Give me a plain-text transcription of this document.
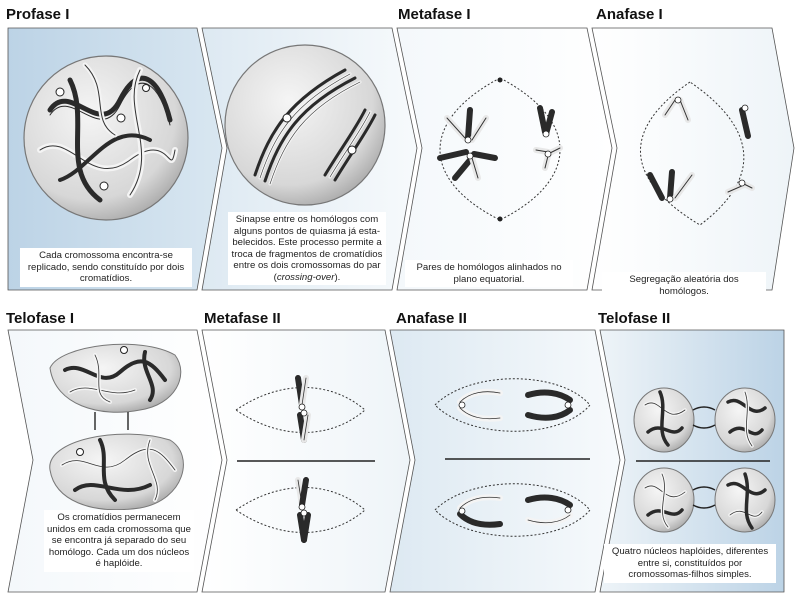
Profase I	Metafase I	Anafase I
Telofase I	Metafase II	Anafase II	Telofase II
Cada cromossoma encontra-se replicado, sendo constituído por dois cromatídios.
Sinapse entre os homólogos com alguns pontos de quiasma já esta-belecidos. Este processo permite a troca de fragmentos de cromatídios entre os dois cromossomas do par (crossing-over).
Pares de homólogos alinhados no plano equatorial.	Segregação aleatória dos homólogos.
Os cromatídios permanecem unidos em cada cromossoma que se encontra já separado do seu homólogo. Cada um dos núcleos é haplóide.
Quatro núcleos haplóides, diferentes entre si, constituídos por cromossomas-filhos simples.
